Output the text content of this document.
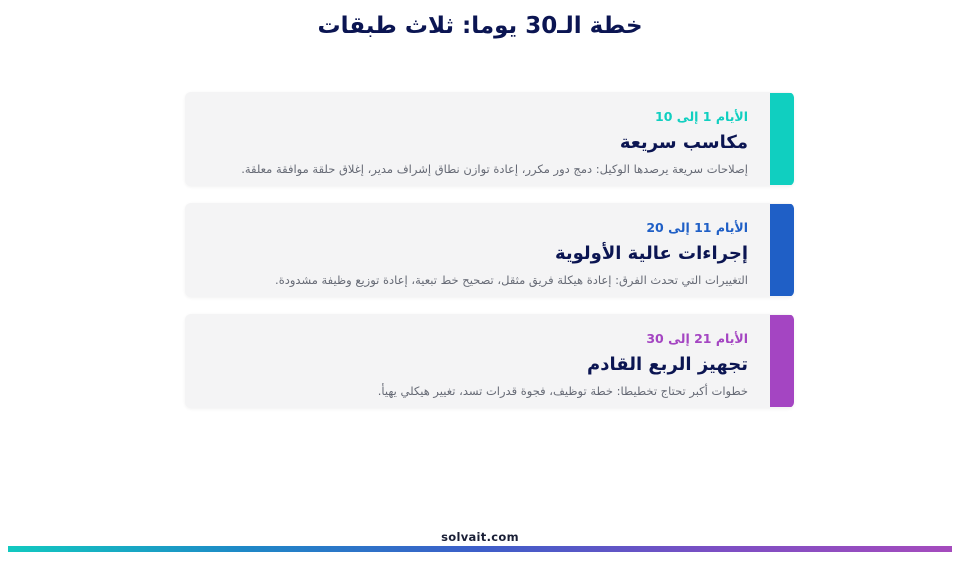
خطة الـ30 يوما: ثلاث طبقات
الأيام 1 إلى 10
مكاسب سريعة
إصلاحات سريعة يرصدها الوكيل: دمج دور مكرر، إعادة توازن نطاق إشراف مدير، إغلاق حلقة موافقة معلقة.
الأيام 11 إلى 20
إجراءات عالية الأولوية
التغييرات التي تحدث الفرق: إعادة هيكلة فريق مثقل، تصحيح خط تبعية، إعادة توزيع وظيفة مشدودة.
الأيام 21 إلى 30
تجهيز الربع القادم
خطوات أكبر تحتاج تخطيطا: خطة توظيف، فجوة قدرات تسد، تغيير هيكلي يهيأ.
solvait.com
